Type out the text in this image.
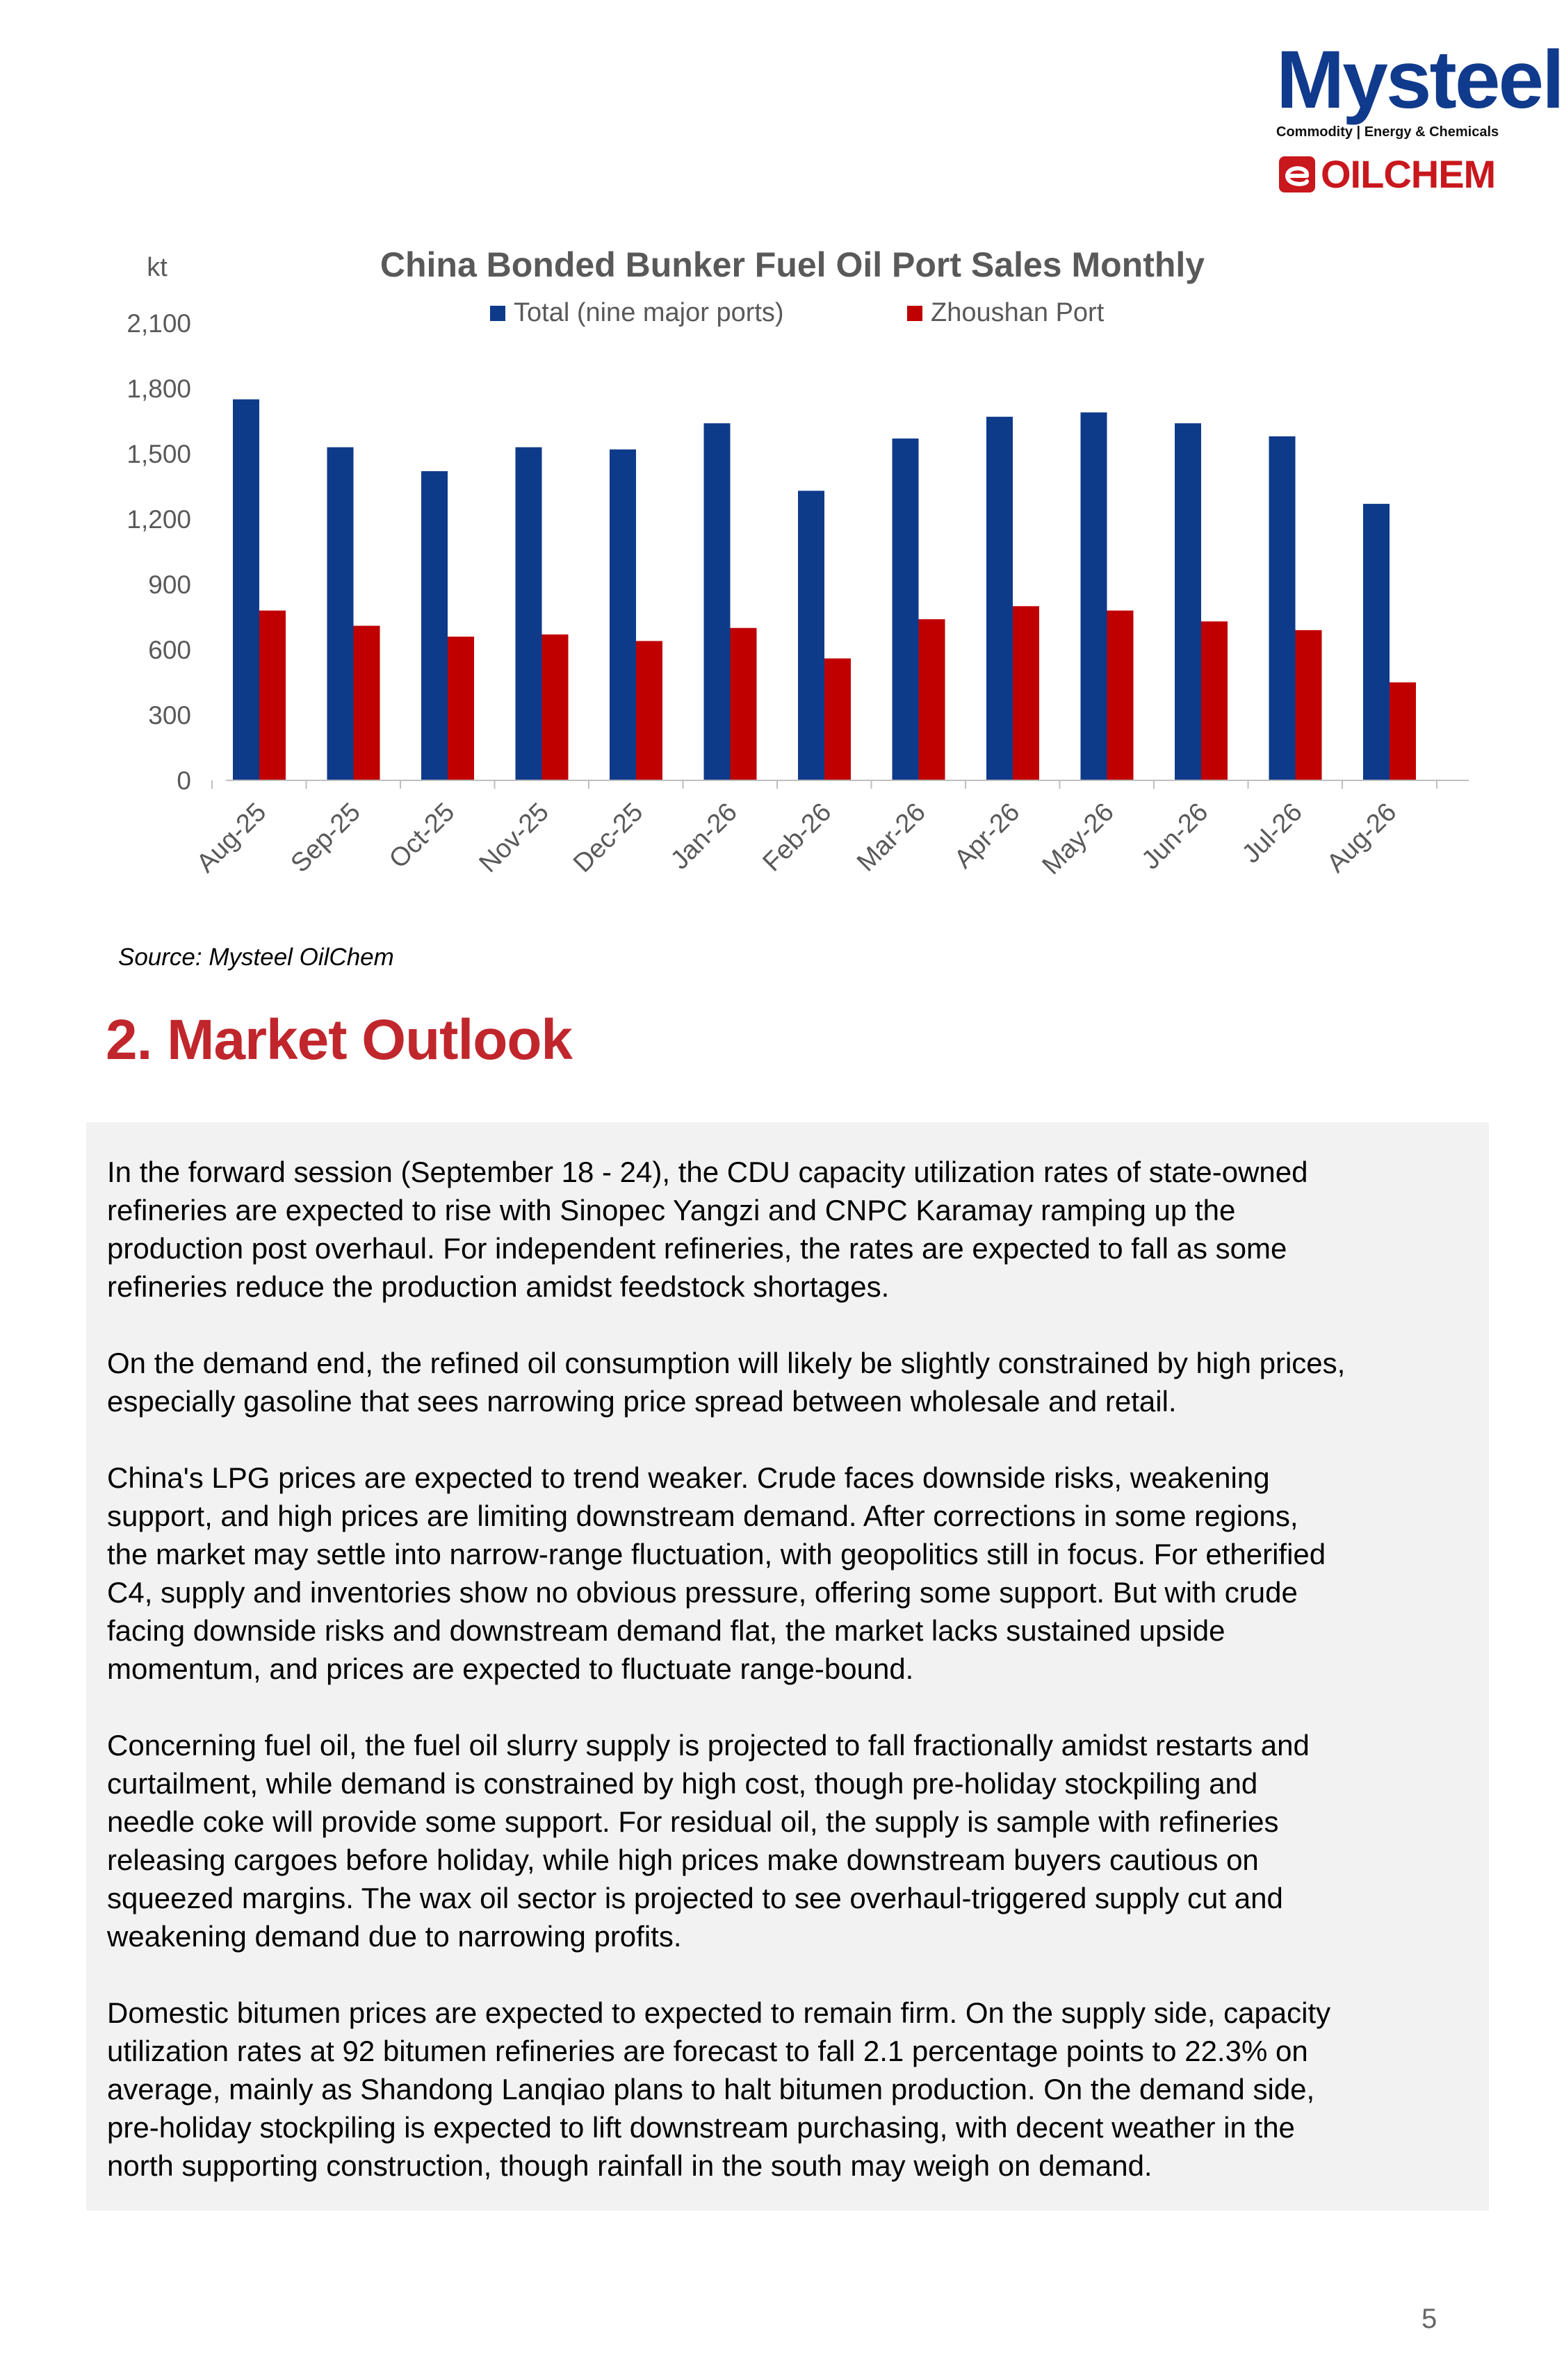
Mysteel
Commodity | Energy & Chemicals
OILCHEM
China Bonded Bunker Fuel Oil Port Sales Monthly
kt
Total (nine major ports)	Zhoushan Port
0
300
600
900
1,200
1,500
1,800
2,100
Aug-25 Sep-25 Oct-25 Nov-25 Dec-25 Jan-26 Feb-26 Mar-26 Apr-26 May-26 Jun-26 Jul-26 Aug-26
Source: Mysteel OilChem
2. Market Outlook

In the forward session (September 18 - 24), the CDU capacity utilization rates of state-owned
refineries are expected to rise with Sinopec Yangzi and CNPC Karamay ramping up the
production post overhaul. For independent refineries, the rates are expected to fall as some
refineries reduce the production amidst feedstock shortages.

On the demand end, the refined oil consumption will likely be slightly constrained by high prices,
especially gasoline that sees narrowing price spread between wholesale and retail.

China's LPG prices are expected to trend weaker. Crude faces downside risks, weakening
support, and high prices are limiting downstream demand. After corrections in some regions,
the market may settle into narrow-range fluctuation, with geopolitics still in focus. For etherified
C4, supply and inventories show no obvious pressure, offering some support. But with crude
facing downside risks and downstream demand flat, the market lacks sustained upside
momentum, and prices are expected to fluctuate range-bound.

Concerning fuel oil, the fuel oil slurry supply is projected to fall fractionally amidst restarts and
curtailment, while demand is constrained by high cost, though pre-holiday stockpiling and
needle coke will provide some support. For residual oil, the supply is sample with refineries
releasing cargoes before holiday, while high prices make downstream buyers cautious on
squeezed margins. The wax oil sector is projected to see overhaul-triggered supply cut and
weakening demand due to narrowing profits.

Domestic bitumen prices are expected to expected to remain firm. On the supply side, capacity
utilization rates at 92 bitumen refineries are forecast to fall 2.1 percentage points to 22.3% on
average, mainly as Shandong Lanqiao plans to halt bitumen production. On the demand side,
pre-holiday stockpiling is expected to lift downstream purchasing, with decent weather in the
north supporting construction, though rainfall in the south may weigh on demand.

5
